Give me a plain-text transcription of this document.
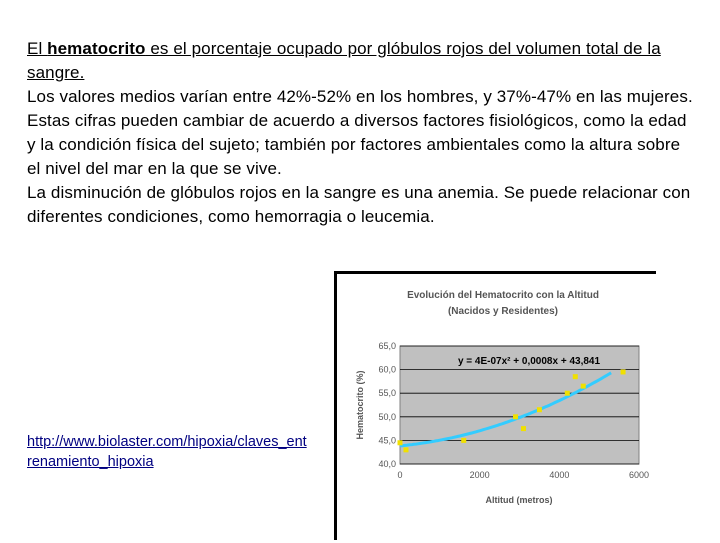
El hematocrito es el porcentaje ocupado por glóbulos rojos del volumen total de la sangre.

Los valores medios varían entre 42%-52% en los hombres, y 37%-47% en las mujeres. Estas cifras pueden cambiar de acuerdo a diversos factores fisiológicos, como la edad y la condición física del sujeto; también por factores ambientales como la altura sobre el nivel del mar en la que se vive.

La disminución de glóbulos rojos en la sangre es una anemia. Se puede relacionar con diferentes condiciones, como hemorragia o leucemia.

http://www.biolaster.com/hipoxia/claves_entrenamiento_hipoxia
Evolución del Hematocrito con la Altitud
(Nacidos y Residentes)
40,0
45,0
50,0
55,0
60,0
65,0
0	2000	4000	6000
y = 4E-07x² + 0,0008x + 43,841
Altitud (metros)
Hematocrito (%)
